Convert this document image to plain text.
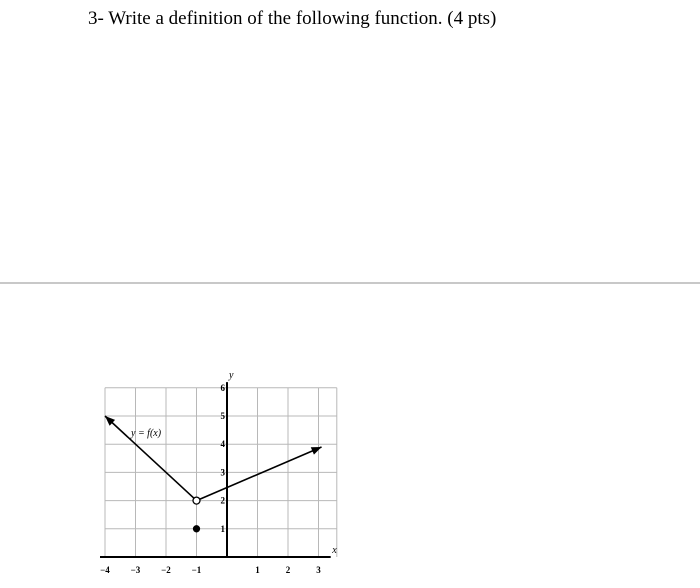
3- Write a definition of the following function. (4 pts)
x
y
−4 −3 −2 −1	1	2	3
1
2
3
4
5
6
y = f(x)
